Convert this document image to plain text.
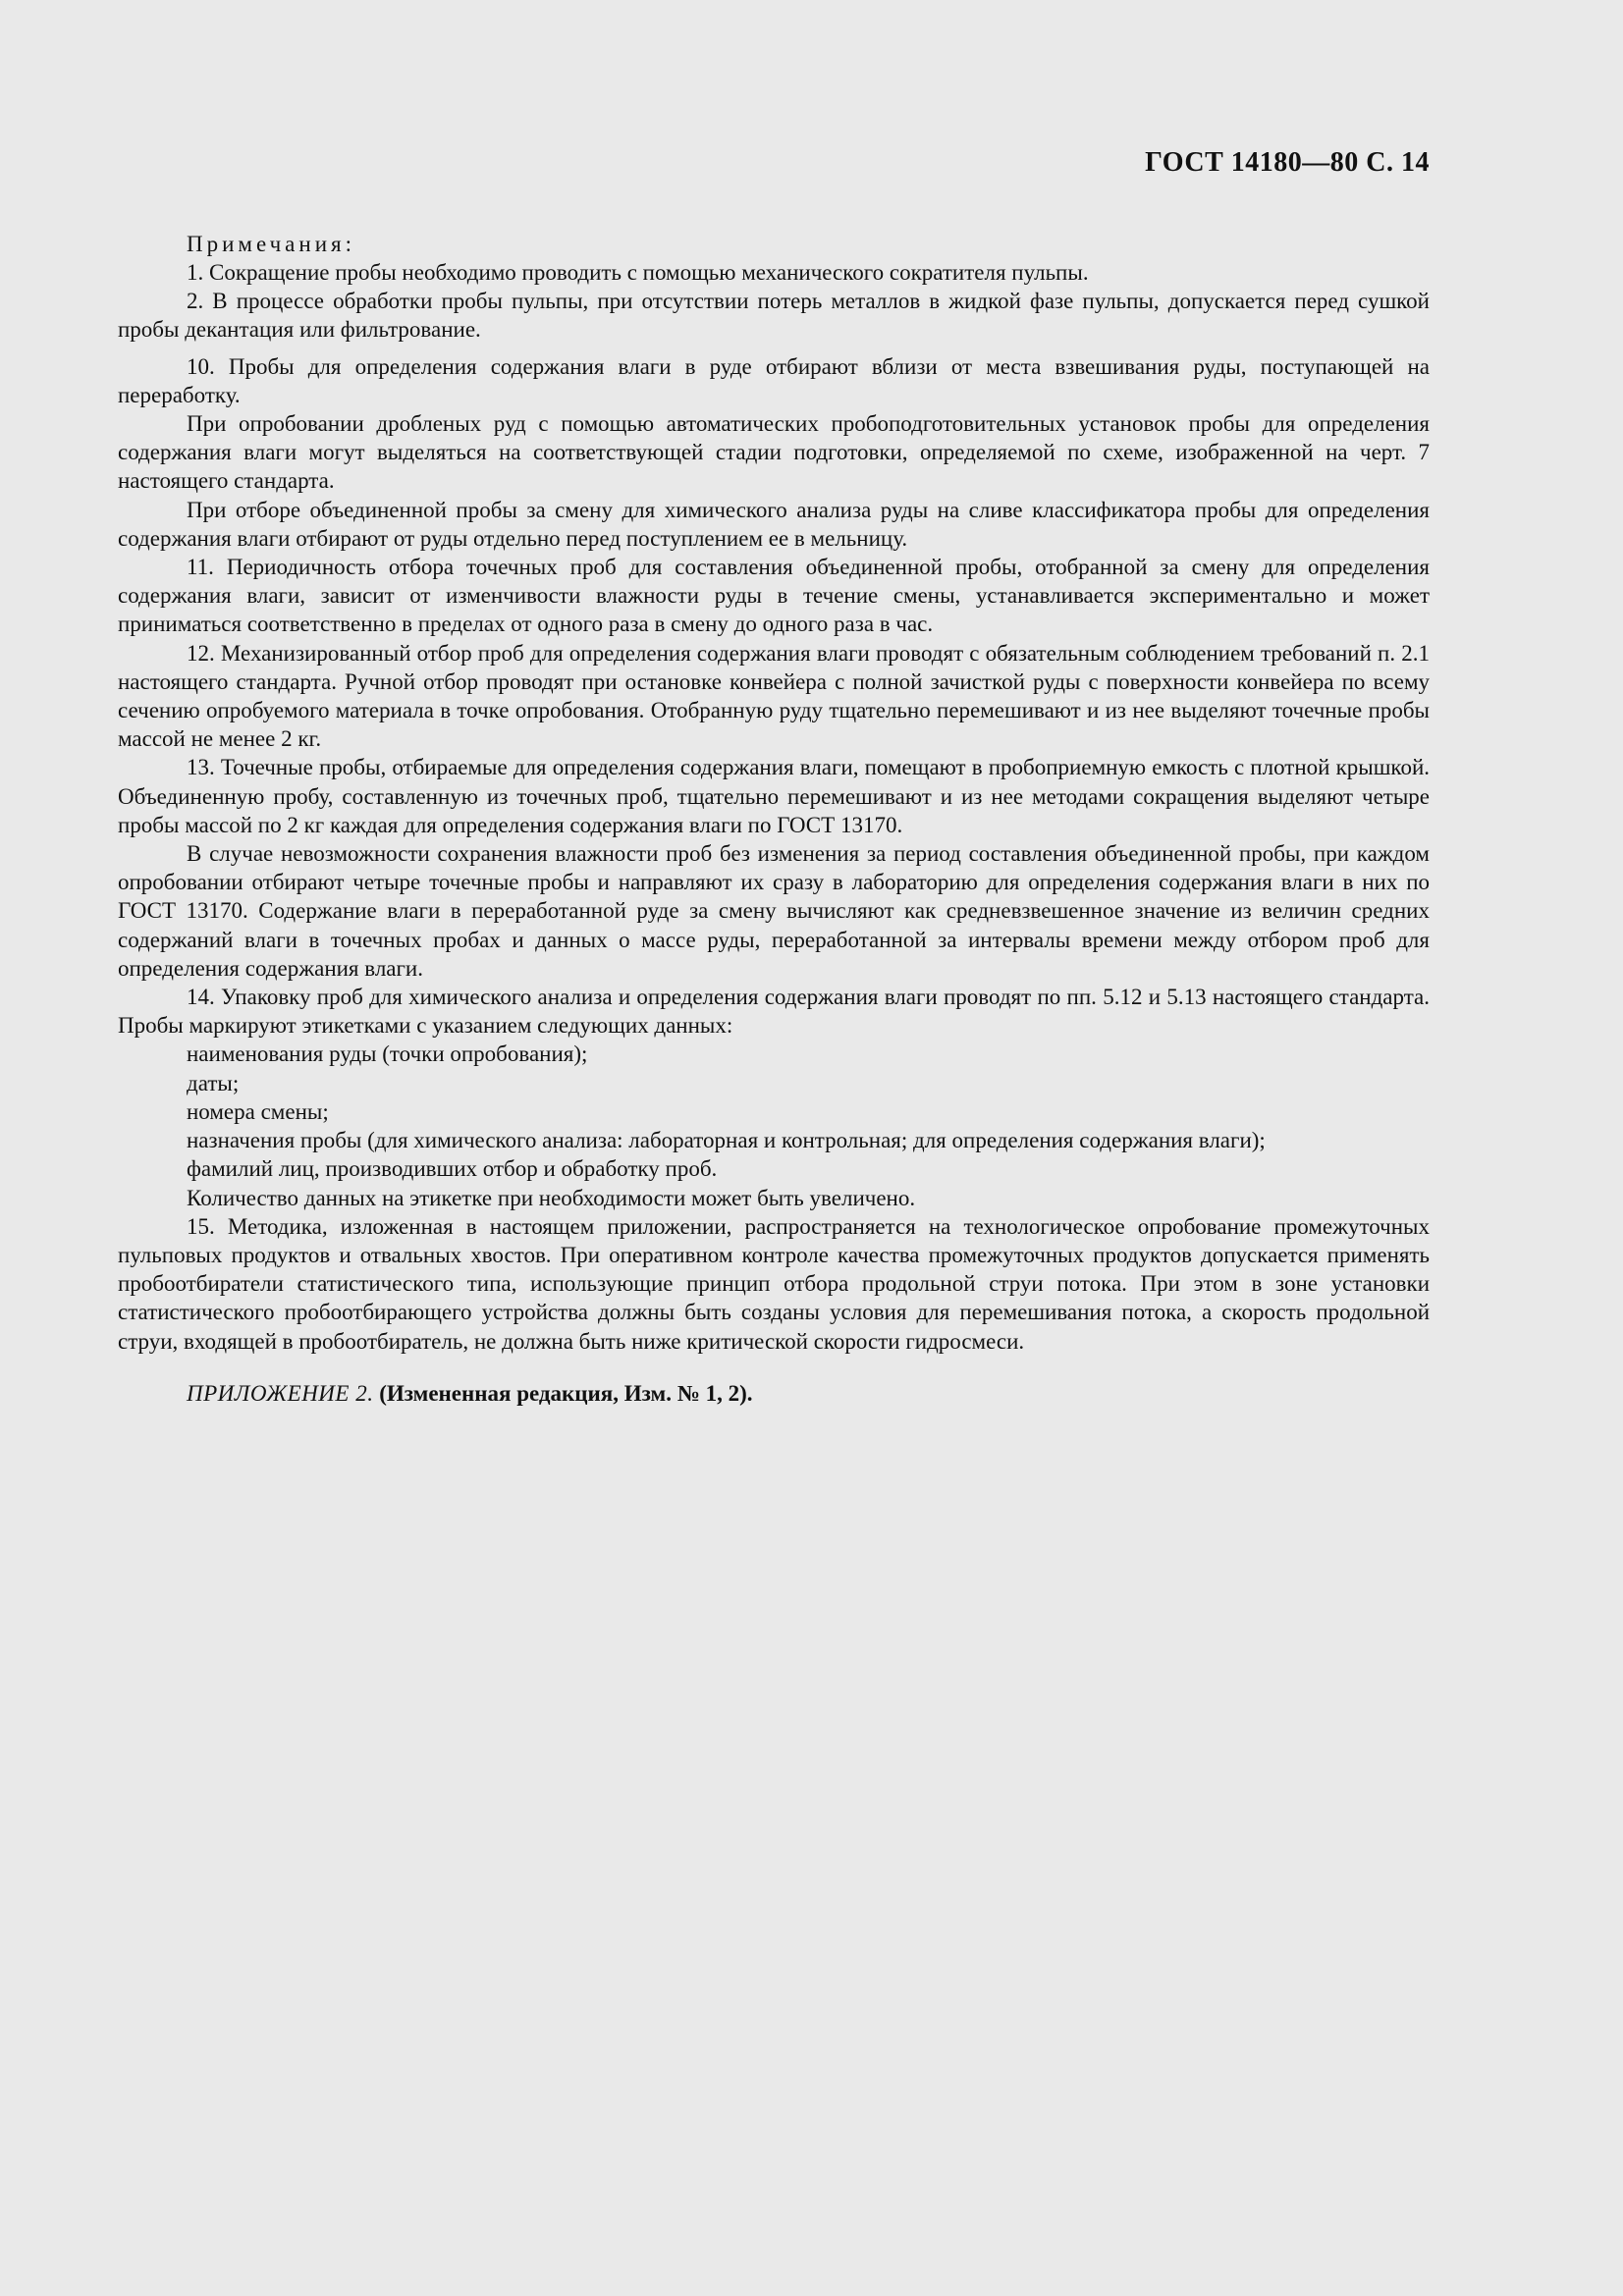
ГОСТ 14180—80 С. 14
Примечания:

1. Сокращение пробы необходимо проводить с помощью механического сократителя пульпы.

2. В процессе обработки пробы пульпы, при отсутствии потерь металлов в жидкой фазе пульпы, допускается перед сушкой пробы декантация или фильтрование.

10. Пробы для определения содержания влаги в руде отбирают вблизи от места взвешивания руды, поступающей на переработку.

При опробовании дробленых руд с помощью автоматических пробоподготовительных установок пробы для определения содержания влаги могут выделяться на соответствующей стадии подготовки, определяемой по схеме, изображенной на черт. 7 настоящего стандарта.

При отборе объединенной пробы за смену для химического анализа руды на сливе классификатора пробы для определения содержания влаги отбирают от руды отдельно перед поступлением ее в мельницу.

11. Периодичность отбора точечных проб для составления объединенной пробы, отобранной за смену для определения содержания влаги, зависит от изменчивости влажности руды в течение смены, устанавливается экспериментально и может приниматься соответственно в пределах от одного раза в смену до одного раза в час.

12. Механизированный отбор проб для определения содержания влаги проводят с обязательным соблюдением требований п. 2.1 настоящего стандарта. Ручной отбор проводят при остановке конвейера с полной зачисткой руды с поверхности конвейера по всему сечению опробуемого материала в точке опробования. Отобранную руду тщательно перемешивают и из нее выделяют точечные пробы массой не менее 2 кг.

13. Точечные пробы, отбираемые для определения содержания влаги, помещают в пробоприемную емкость с плотной крышкой. Объединенную пробу, составленную из точечных проб, тщательно перемешивают и из нее методами сокращения выделяют четыре пробы массой по 2 кг каждая для определения содержания влаги по ГОСТ 13170.

В случае невозможности сохранения влажности проб без изменения за период составления объединенной пробы, при каждом опробовании отбирают четыре точечные пробы и направляют их сразу в лабораторию для определения содержания влаги в них по ГОСТ 13170. Содержание влаги в переработанной руде за смену вычисляют как средневзвешенное значение из величин средних содержаний влаги в точечных пробах и данных о массе руды, переработанной за интервалы времени между отбором проб для определения содержания влаги.

14. Упаковку проб для химического анализа и определения содержания влаги проводят по пп. 5.12 и 5.13 настоящего стандарта. Пробы маркируют этикетками с указанием следующих данных:

наименования руды (точки опробования);

даты;

номера смены;

назначения пробы (для химического анализа: лабораторная и контрольная; для определения содержания влаги);

фамилий лиц, производивших отбор и обработку проб.

Количество данных на этикетке при необходимости может быть увеличено.

15. Методика, изложенная в настоящем приложении, распространяется на технологическое опробование промежуточных пульповых продуктов и отвальных хвостов. При оперативном контроле качества промежуточных продуктов допускается применять пробоотбиратели статистического типа, использующие принцип отбора продольной струи потока. При этом в зоне установки статистического пробоотбирающего устройства должны быть созданы условия для перемешивания потока, а скорость продольной струи, входящей в пробоотбиратель, не должна быть ниже критической скорости гидросмеси.

ПРИЛОЖЕНИЕ 2. (Измененная редакция, Изм. № 1, 2).
